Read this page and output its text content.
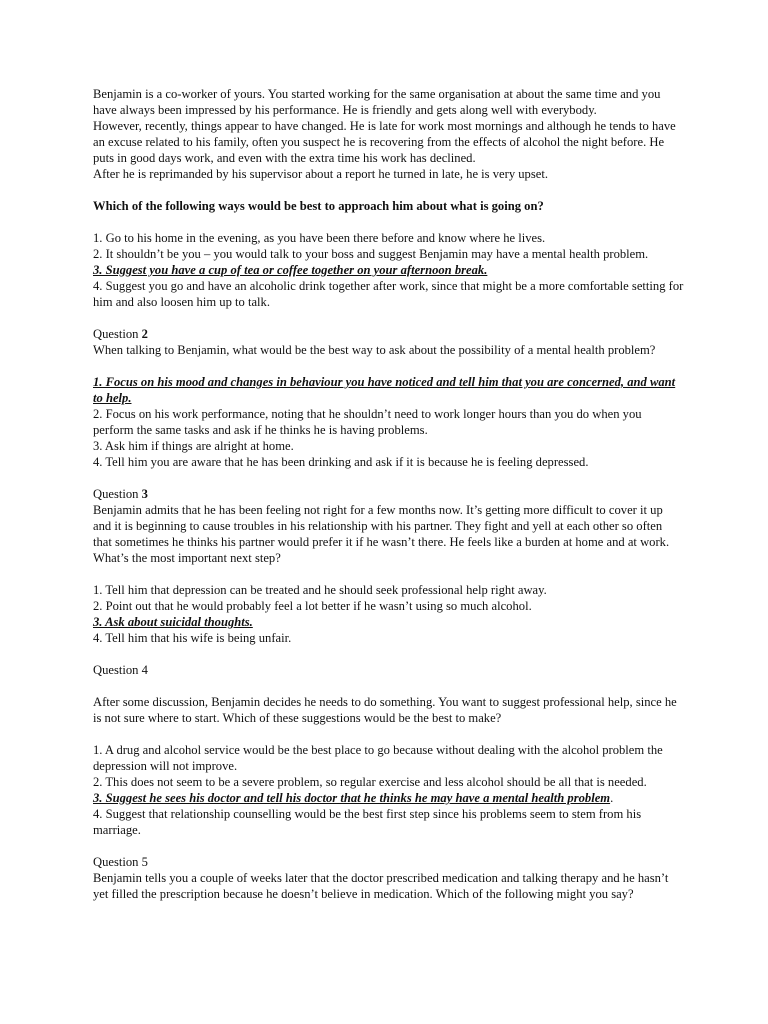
Benjamin is a co-worker of yours. You started working for the same organisation at about the same time and you have always been impressed by his performance. He is friendly and gets along well with everybody.

However, recently, things appear to have changed. He is late for work most mornings and although he tends to have an excuse related to his family, often you suspect he is recovering from the effects of alcohol the night before. He puts in good days work, and even with the extra time his work has declined.

After he is reprimanded by his supervisor about a report he turned in late, he is very upset.

Which of the following ways would be best to approach him about what is going on?

1. Go to his home in the evening, as you have been there before and know where he lives.

2. It shouldn’t be you – you would talk to your boss and suggest Benjamin may have a mental health problem.

3. Suggest you have a cup of tea or coffee together on your afternoon break.

4. Suggest you go and have an alcoholic drink together after work, since that might be a more comfortable setting for him and also loosen him up to talk.

Question 2

When talking to Benjamin, what would be the best way to ask about the possibility of a mental health problem?

1. Focus on his mood and changes in behaviour you have noticed and tell him that you are concerned, and want to help.

2. Focus on his work performance, noting that he shouldn’t need to work longer hours than you do when you perform the same tasks and ask if he thinks he is having problems.

3. Ask him if things are alright at home.

4. Tell him you are aware that he has been drinking and ask if it is because he is feeling depressed.

Question 3

Benjamin admits that he has been feeling not right for a few months now. It’s getting more difficult to cover it up and it is beginning to cause troubles in his relationship with his partner. They fight and yell at each other so often that sometimes he thinks his partner would prefer it if he wasn’t there. He feels like a burden at home and at work. What’s the most important next step?

1. Tell him that depression can be treated and he should seek professional help right away.

2. Point out that he would probably feel a lot better if he wasn’t using so much alcohol.

3. Ask about suicidal thoughts.

4. Tell him that his wife is being unfair.

Question 4

After some discussion, Benjamin decides he needs to do something. You want to suggest professional help, since he is not sure where to start. Which of these suggestions would be the best to make?

1. A drug and alcohol service would be the best place to go because without dealing with the alcohol problem the depression will not improve.

2. This does not seem to be a severe problem, so regular exercise and less alcohol should be all that is needed.

3. Suggest he sees his doctor and tell his doctor that he thinks he may have a mental health problem.

4. Suggest that relationship counselling would be the best first step since his problems seem to stem from his marriage.

Question 5

Benjamin tells you a couple of weeks later that the doctor prescribed medication and talking therapy and he hasn’t yet filled the prescription because he doesn’t believe in medication. Which of the following might you say?
